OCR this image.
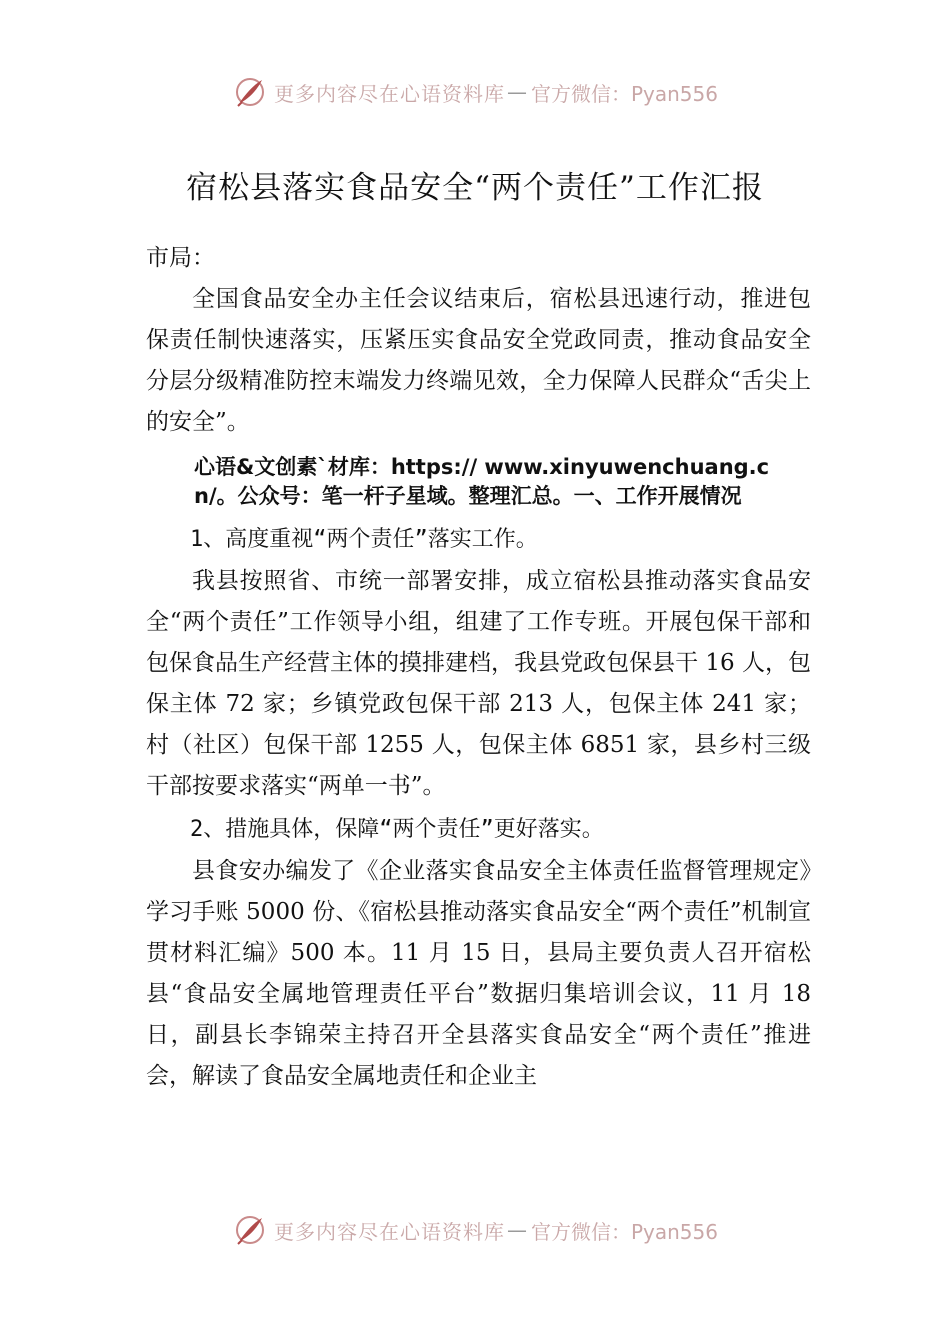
更多内容尽在心语资料库 — 官方微信：Pyan556
宿松县落实食品安全“两个责任”工作汇报

市局：

全国食品安全办主任会议结束后，宿松县迅速行动，推进包保责任制快速落实，压紧压实食品安全党政同责，推动食品安全分层分级精准防控末端发力终端见效，全力保障人民群众“舌尖上的安全”。

心语&文创素`材库：https:// www.xinyuwenchuang.cn/。公众号：笔一杆子星域。整理汇总。一、工作开展情况

1、高度重视“两个责任”落实工作。

我县按照省、市统一部署安排，成立宿松县推动落实食品安全“两个责任”工作领导小组，组建了工作专班。开展包保干部和包保食品生产经营主体的摸排建档，我县党政包保县干 16 人，包保主体 72 家；乡镇党政包保干部 213 人，包保主体 241 家；村（社区）包保干部 1255 人，包保主体 6851 家，县乡村三级干部按要求落实“两单一书”。

2、措施具体，保障“两个责任”更好落实。

县食安办编发了《企业落实食品安全主体责任监督管理规定》学习手账 5000 份、《宿松县推动落实食品安全“两个责任”机制宣贯材料汇编》500 本。11 月 15 日，县局主要负责人召开宿松县“食品安全属地管理责任平台”数据归集培训会议，11 月 18 日，副县长李锦荣主持召开全县落实食品安全“两个责任”推进会，解读了食品安全属地责任和企业主

更多内容尽在心语资料库 — 官方微信：Pyan556
